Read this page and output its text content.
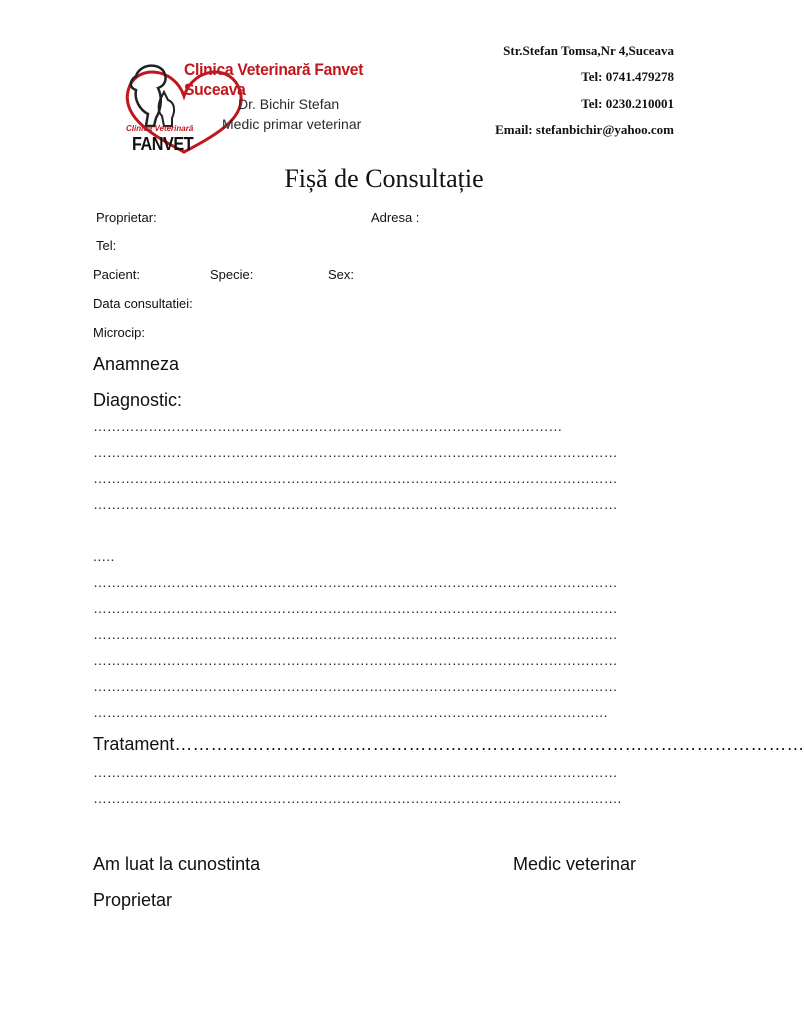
Clinica Veterinară Fanvet Suceava
Dr. Bichir Stefan
Medic primar veterinar
Clinica Veterinară
FANVET
Str.Stefan Tomsa,Nr 4,Suceava
Tel: 0741.479278
Tel: 0230.210001
Email: stefanbichir@yahoo.com
Fișă de Consultație
Proprietar:	Adresa :
Tel:
Pacient:	Specie:	Sex:
Data consultatiei:
Microcip:
Anamneza
Diagnostic:
…………………………………………………………………………………………
……………………………………………………………………………………………………
……………………………………………………………………………………………………
……………………………………………………………………………………………………
.….
……………………………………………………………………………………………………
……………………………………………………………………………………………………
……………………………………………………………………………………………………
……………………………………………………………………………………………………
……………………………………………………………………………………………………
………………………………………………………………………………………………….
Tratament……………………………………………………………………………………………
……………………………………………………………………………………………………
…………………………………………………………………………………………………….
Am luat la cunostinta	Medic veterinar
Proprietar
